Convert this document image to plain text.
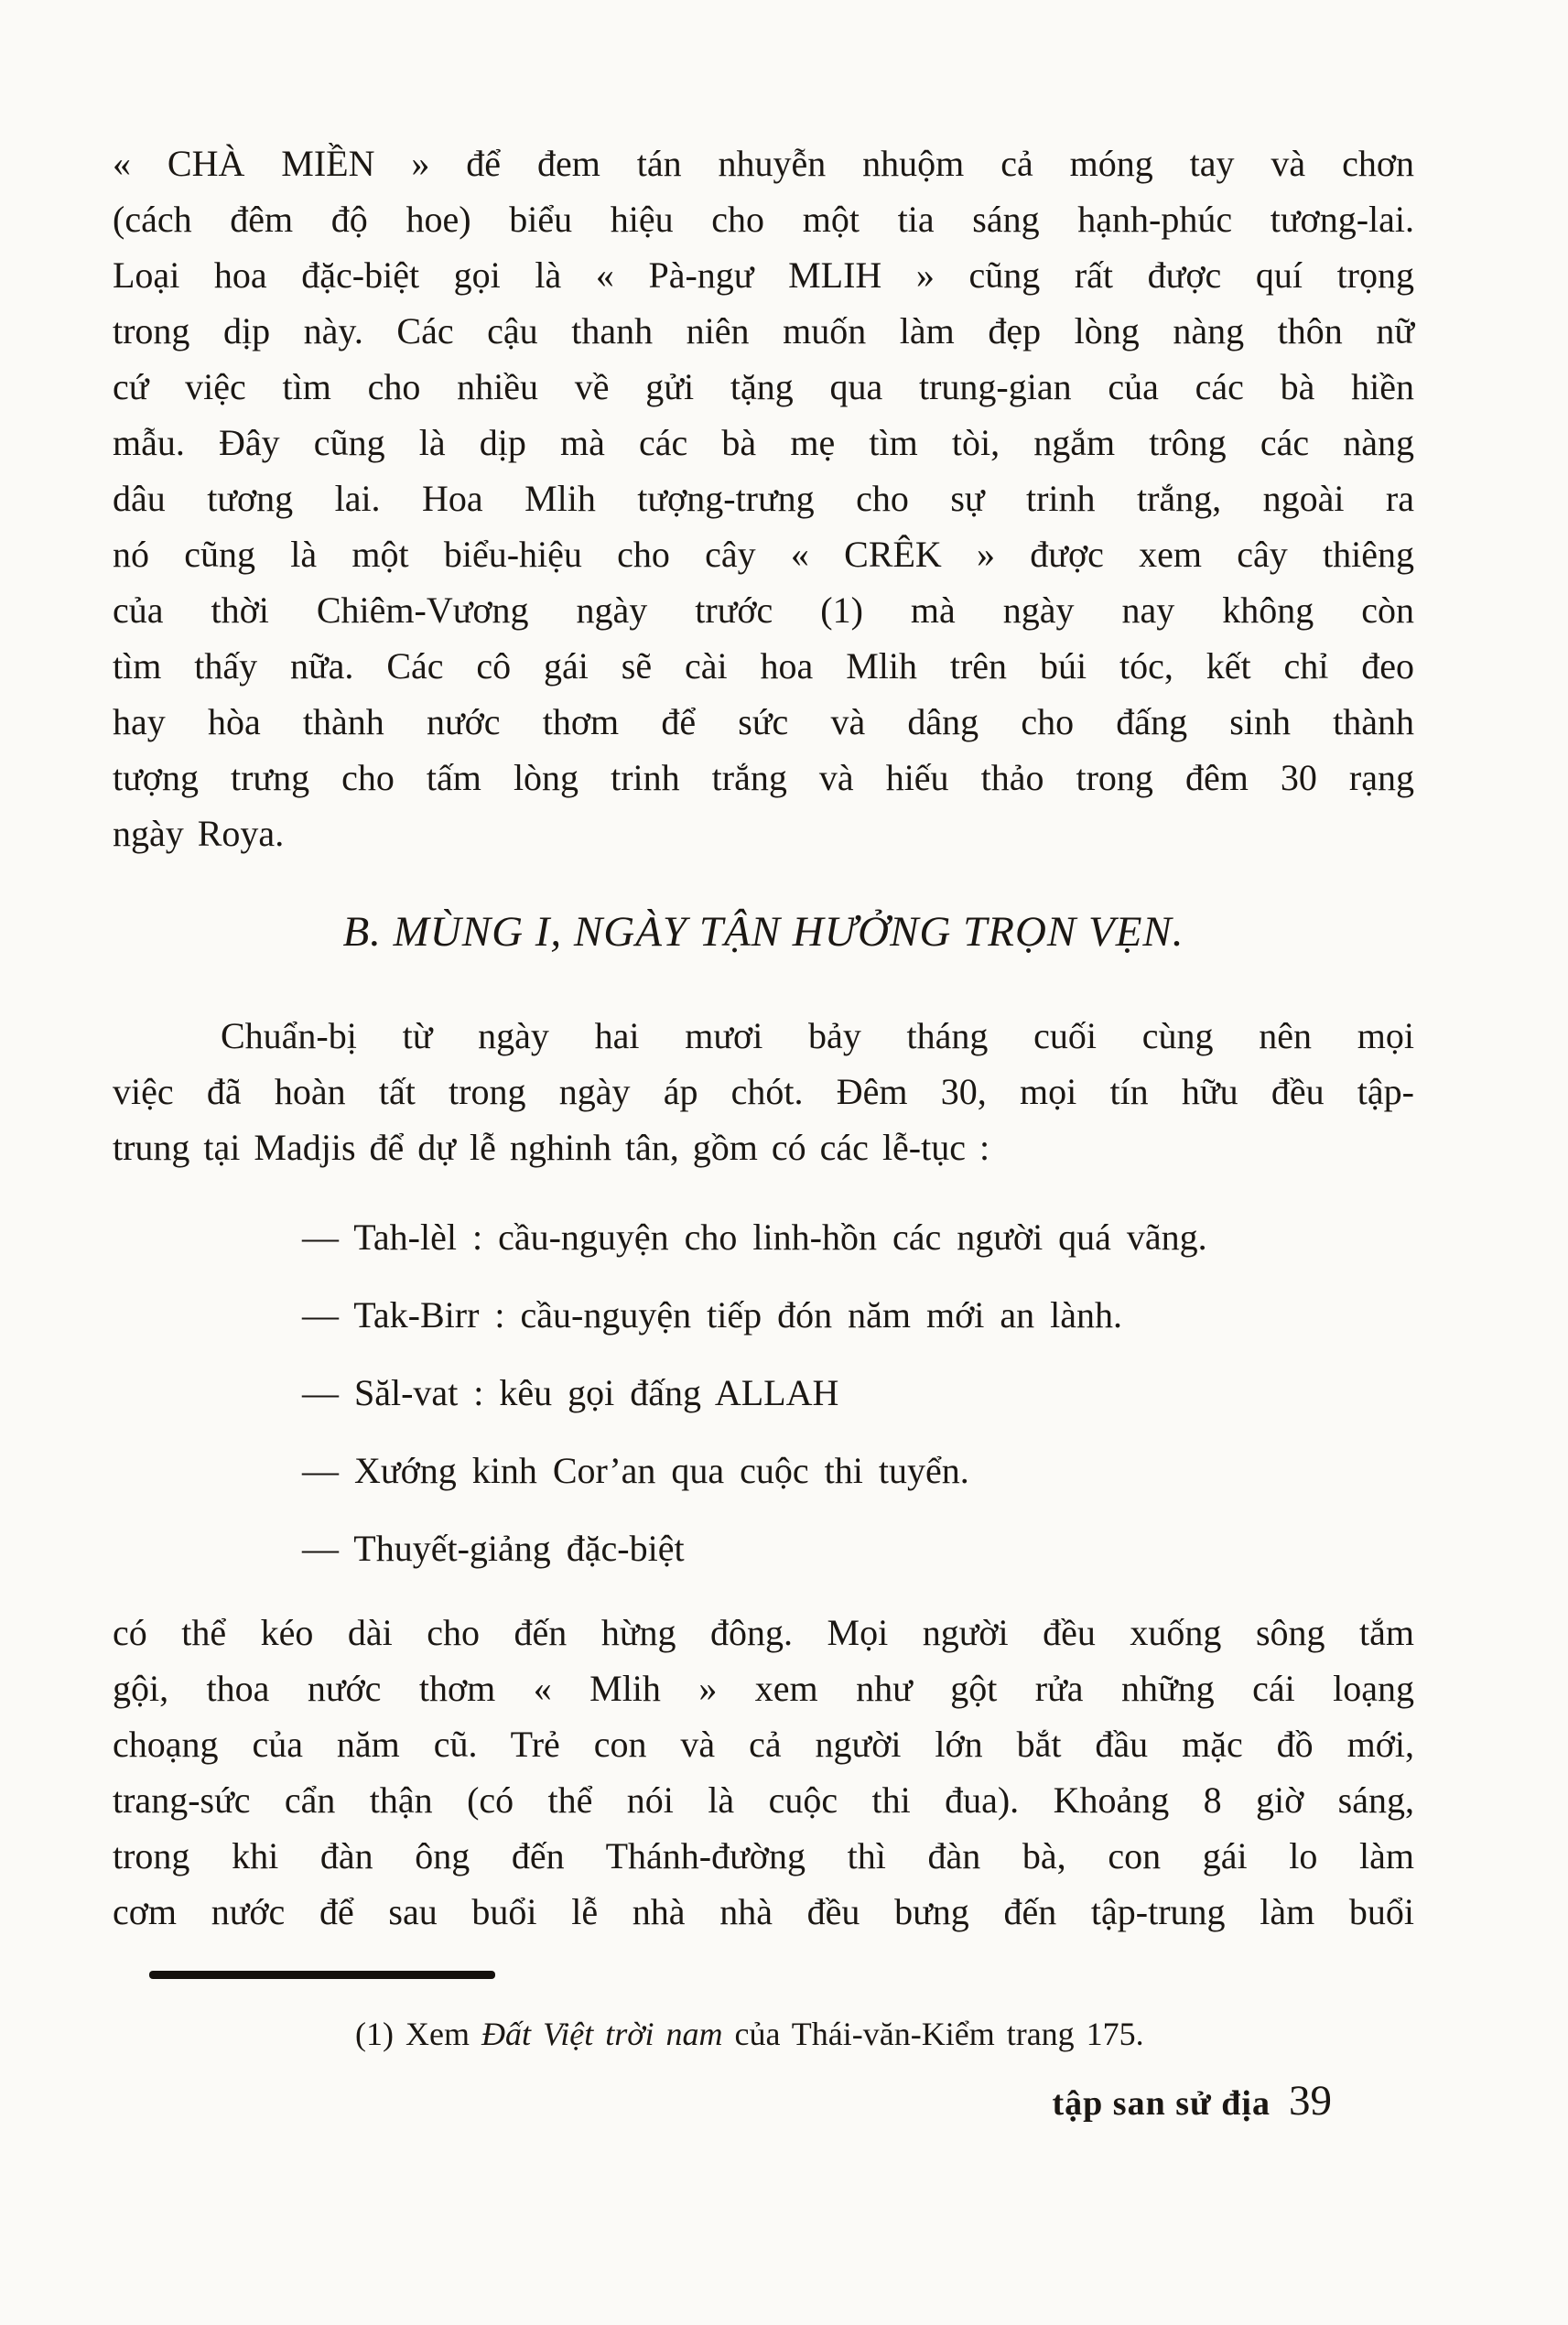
« CHÀ MIỀN » để đem tán nhuyễn nhuộm cả móng tay và chơn
(cách đêm độ hoe) biểu hiệu cho một tia sáng hạnh-phúc tương-lai.
Loại hoa đặc-biệt gọi là « Pà-ngư MLIH » cũng rất được quí trọng
trong dịp này. Các cậu thanh niên muốn làm đẹp lòng nàng thôn nữ
cứ việc tìm cho nhiều về gửi tặng qua trung-gian của các bà hiền
mẫu. Đây cũng là dịp mà các bà mẹ tìm tòi, ngắm trông các nàng
dâu tương lai. Hoa Mlih tượng-trưng cho sự trinh trắng, ngoài ra
nó cũng là một biểu-hiệu cho cây « CRÊK » được xem cây thiêng
của thời Chiêm-Vương ngày trước (1) mà ngày nay không còn
tìm thấy nữa. Các cô gái sẽ cài hoa Mlih trên búi tóc, kết chỉ đeo
hay hòa thành nước thơm để sức và dâng cho đấng sinh thành
tượng trưng cho tấm lòng trinh trắng và hiếu thảo trong đêm 30 rạng
ngày Roya.
B. MÙNG I, NGÀY TẬN HƯỞNG TRỌN VẸN.
Chuẩn-bị từ ngày hai mươi bảy tháng cuối cùng nên mọi
việc đã hoàn tất trong ngày áp chót. Đêm 30, mọi tín hữu đều tập-
trung tại Madjis để dự lễ nghinh tân, gồm có các lễ-tục :
— Tah-lèl : cầu-nguyện cho linh-hồn các người quá vãng.
— Tak-Birr : cầu-nguyện tiếp đón năm mới an lành.
— Săl-vat : kêu gọi đấng ALLAH
— Xướng kinh Cor’an qua cuộc thi tuyển.
— Thuyết-giảng đặc-biệt
có thể kéo dài cho đến hừng đông. Mọi người đều xuống sông tắm
gội, thoa nước thơm « Mlih » xem như gột rửa những cái loạng
choạng của năm cũ. Trẻ con và cả người lớn bắt đầu mặc đồ mới,
trang-sức cẩn thận (có thể nói là cuộc thi đua). Khoảng 8 giờ sáng,
trong khi đàn ông đến Thánh-đường thì đàn bà, con gái lo làm
cơm nước để sau buổi lễ nhà nhà đều bưng đến tập-trung làm buổi

(1) Xem Đất Việt trời nam của Thái-văn-Kiểm trang 175.

tập san sử địa 39
